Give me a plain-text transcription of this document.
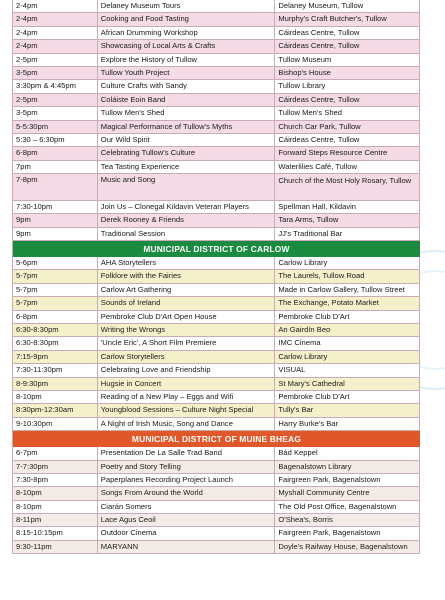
2-4pm	Delaney Museum Tours	Delaney Museum, Tullow
2-4pm	Cooking and Food Tasting	Murphy's Craft Butcher's, Tullow
2-4pm	African Drumming Workshop	Cáirdeas Centre, Tullow
2-4pm	Showcasing of Local Arts & Crafts	Cáirdeas Centre, Tullow
2-5pm	Explore the History of Tullow	Tullow Museum
3-5pm	Tullow Youth Project	Bishop's House
3:30pm & 4:45pm	Culture Crafts with Sandy	Tullow Library
2-5pm	Coláiste Eoin Band	Cáirdeas Centre, Tullow
3-5pm	Tullow Men's Shed	Tullow Men's Shed
5-5:30pm	Magical Performance of Tullow's Myths	Church Car Park, Tullow
5:30 – 6:30pm	Our Wild Spirit	Cáirdeas Centre, Tullow
6-8pm	Celebrating Tullow's Culture	Forward Steps Resource Centre
7pm	Tea Tasting Experience	Waterlilies Café, Tullow
7-8pm	Music and Song	Church of the Most Holy Rosary, Tullow
7:30-10pm	Join Us – Clonegal Kildavin Veteran Players	Spellman Hall, Kildavin
9pm	Derek Rooney & Friends	Tara Arms, Tullow
9pm	Traditional Session	JJ's Traditional Bar
MUNICIPAL DISTRICT OF CARLOW
5-6pm	AHA Storytellers	Carlow Library
5-7pm	Folklore with the Fairies	The Laurels, Tullow Road
5-7pm	Carlow Art Gathering	Made in Carlow Gallery, Tullow Street
5-7pm	Sounds of Ireland	The Exchange, Potato Market
6-8pm	Pembroke Club D'Art Open House	Pembroke Club D'Art
6:30-8:30pm	Writing the Wrongs	An Gairdín Beo
6:30-8:30pm	'Uncle Eric', A Short Film Premiere	IMC Cinema
7:15-9pm	Carlow Storytellers	Carlow Library
7:30-11:30pm	Celebrating Love and Friendship	VISUAL
8-9:30pm	Hugsie in Concert	St Mary's Cathedral
8-10pm	Reading of a New Play – Eggs and Wifi	Pembroke Club D'Art
8:30pm-12:30am	Youngblood Sessions – Culture Night Special	Tully's Bar
9-10:30pm	A Night of Irish Music, Song and Dance	Harry Burke's Bar
MUNICIPAL DISTRICT OF MUINE BHEAG
6-7pm	Presentation De La Salle Trad Band	Bád Keppel
7-7:30pm	Poetry and Story Telling	Bagenalstown Library
7:30-8pm	Paperplanes Recording Project Launch	Fairgreen Park, Bagenalstown
8-10pm	Songs From Around the World	Myshall Community Centre
8-10pm	Ciarán Somers	The Old Post Office, Bagenalstown
8-11pm	Lace Agus Ceoil	O'Shea's, Borris
8:15-10:15pm	Outdoor Cinema	Fairgreen Park, Bagenalstown
9:30-11pm	MARYANN	Doyle's Railway House, Bagenalstown
